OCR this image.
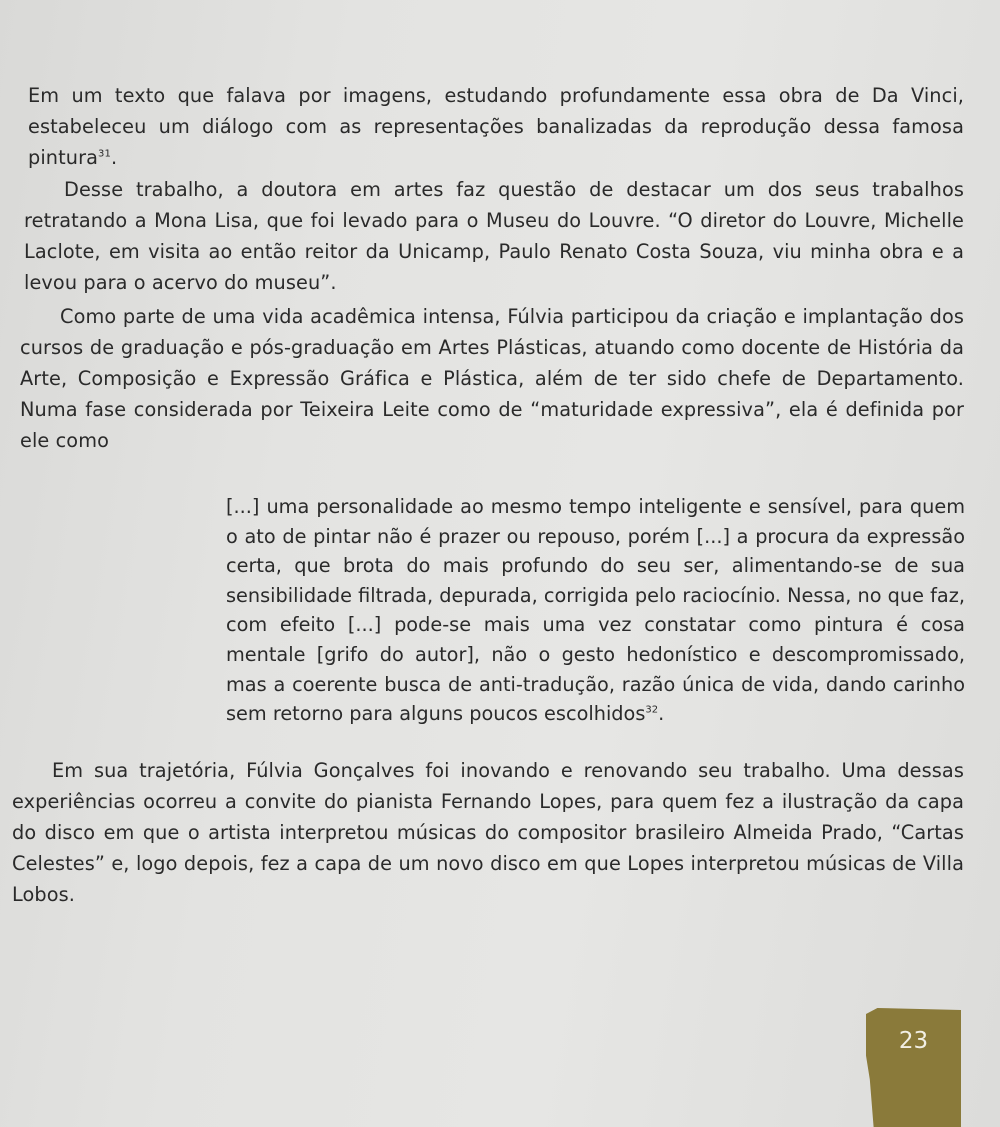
Em um texto que falava por imagens, estudando profundamente essa obra de Da Vinci, estabeleceu um diálogo com as representações banalizadas da reprodução dessa famosa pintura$^{31}$.

Desse trabalho, a doutora em artes faz questão de destacar um dos seus trabalhos retratando a Mona Lisa, que foi levado para o Museu do Louvre. “O diretor do Louvre, Michelle Laclote, em visita ao então reitor da Unicamp, Paulo Renato Costa Souza, viu minha obra e a levou para o acervo do museu”.

Como parte de uma vida acadêmica intensa, Fúlvia participou da criação e implantação dos cursos de graduação e pós-graduação em Artes Plásticas, atuando como docente de História da Arte, Composição e Expressão Gráfica e Plástica, além de ter sido chefe de Departamento. Numa fase considerada por Teixeira Leite como de “maturidade expressiva”, ela é definida por ele como

[...] uma personalidade ao mesmo tempo inteligente e sensível, para quem o ato de pintar não é prazer ou repouso, porém [...] a procura da expressão certa, que brota do mais profundo do seu ser, alimentando-se de sua sensibilidade filtrada, depurada, corrigida pelo raciocínio. Nessa, no que faz, com efeito [...] pode-se mais uma vez constatar como pintura é cosa mentale [grifo do autor], não o gesto hedonístico e descompromissado, mas a coerente busca de anti-tradução, razão única de vida, dando carinho sem retorno para alguns poucos escolhidos$^{32}$.

Em sua trajetória, Fúlvia Gonçalves foi inovando e renovando seu trabalho. Uma dessas experiências ocorreu a convite do pianista Fernando Lopes, para quem fez a ilustração da capa do disco em que o artista interpretou músicas do compositor brasileiro Almeida Prado, “Cartas Celestes” e, logo depois, fez a capa de um novo disco em que Lopes interpretou músicas de Villa Lobos.

23
